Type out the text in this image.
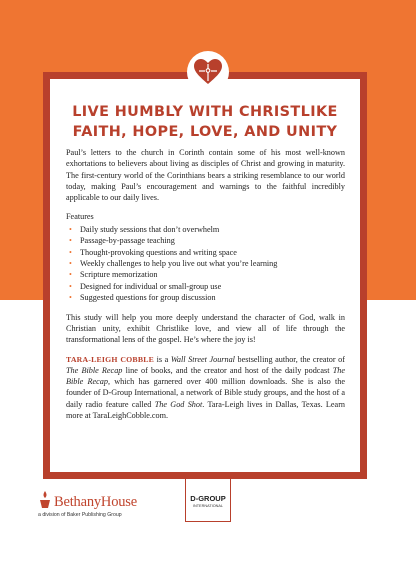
LIVE HUMBLY WITH CHRISTLIKE FAITH, HOPE, LOVE, AND UNITY

Paul’s letters to the church in Corinth contain some of his most well-known exhortations to believers about living as disciples of Christ and growing in maturity. The first-century world of the Corinthians bears a striking resemblance to our world today, making Paul’s encouragement and warnings to the faithful incredibly applicable to our daily lives.

Features
• Daily study sessions that don’t overwhelm
• Passage-by-passage teaching
• Thought-provoking questions and writing space
• Weekly challenges to help you live out what you’re learning
• Scripture memorization
• Designed for individual or small-group use
• Suggested questions for group discussion

This study will help you more deeply understand the character of God, walk in Christian unity, exhibit Christlike love, and view all of life through the transformational lens of the gospel. He’s where the joy is!

TARA-LEIGH COBBLE is a Wall Street Journal bestselling author, the creator of The Bible Recap line of books, and the creator and host of the daily podcast The Bible Recap, which has garnered over 400 million downloads. She is also the founder of D-Group International, a network of Bible study groups, and the host of a daily radio feature called The God Shot. Tara-Leigh lives in Dallas, Texas. Learn more at TaraLeighCobble.com.

BethanyHouse
a division of Baker Publishing Group
D-GROUP
INTERNATIONAL
